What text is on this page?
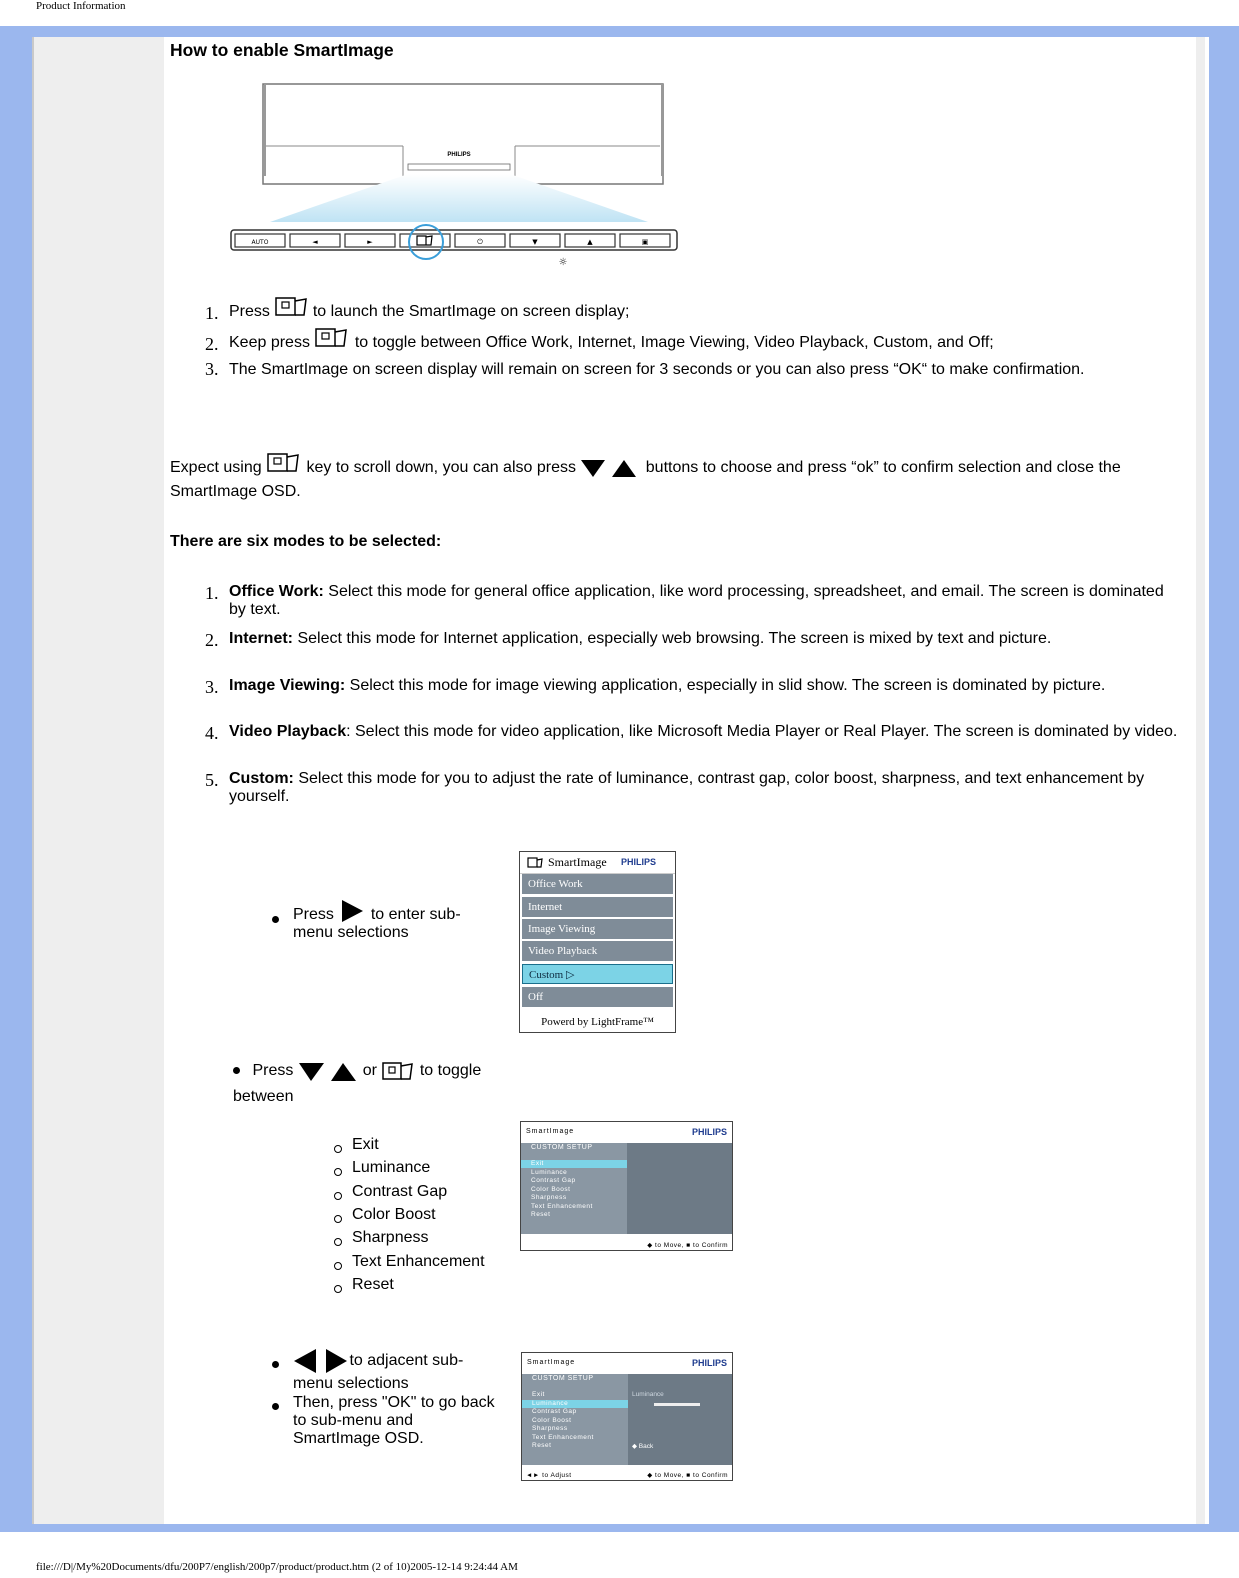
Product Information
How to enable SmartImage
PHILIPS
AUTO	◄	►	⏻	▼	▲	▣
☼
1. Press	to launch the SmartImage on screen display;
2. Keep press	to toggle between Office Work, Internet, Image Viewing, Video Playback, Custom, and Off;
3. The SmartImage on screen display will remain on screen for 3 seconds or you can also press “OK“ to make confirmation.
Expect using	key to scroll down, you can also press	buttons to choose and press “ok” to confirm selection and close the SmartImage OSD.
There are six modes to be selected:
1. Office Work: Select this mode for general office application, like word processing, spreadsheet, and email. The screen is dominated by text.
2. Internet: Select this mode for Internet application, especially web browsing. The screen is mixed by text and picture.
3. Image Viewing: Select this mode for image viewing application, especially in slid show. The screen is dominated by picture.
4. Video Playback: Select this mode for video application, like Microsoft Media Player or Real Player. The screen is dominated by video.
5. Custom: Select this mode for you to adjust the rate of luminance, contrast gap, color boost, sharpness, and text enhancement by yourself.
Press to enter sub-menu selections
SmartImage PHILIPS
Office Work
Internet
Image Viewing
Video Playback
Custom ▷
Off
Powerd by LightFrame™
Press	or	to toggle between
Exit
Luminance
Contrast Gap
Color Boost
Sharpness
Text Enhancement
Reset
SmartImage	PHILIPS
CUSTOM SETUP
Exit
Luminance
Contrast Gap
Color Boost
Sharpness
Text Enhancement
Reset
◆ to Move, ■ to Confirm
to adjacent sub-menu selections
Then, press "OK" to go back to sub-menu and SmartImage OSD.
SmartImage	PHILIPS
CUSTOM SETUP
Exit
Luminance
Contrast Gap
Color Boost
Sharpness
Text Enhancement
Reset
Luminance
◆ Back
◄► to Adjust	◆ to Move, ■ to Confirm
file:///D|/My%20Documents/dfu/200P7/english/200p7/product/product.htm (2 of 10)2005-12-14 9:24:44 AM
